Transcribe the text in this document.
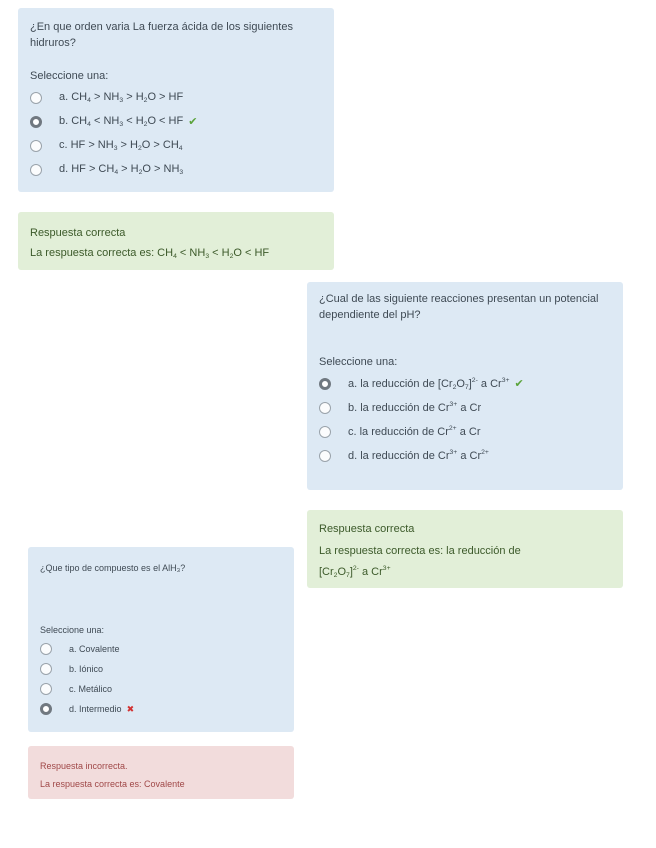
¿En que orden varia La fuerza ácida de los siguientes hidruros?
Seleccione una:
a. $CH_4 > NH_3 > H_2O$ > HF
b. $CH_4 < NH_3 < H_2O$ < HF ✔
c. HF > $NH_3 > H_2O > CH_4$
d. HF > $CH_4 > H_2O > NH_3$
Respuesta correcta
La respuesta correcta es: $CH_4 < NH_3 < H_2O$ < HF
¿Cual de las siguiente reacciones presentan un potencial dependiente del pH?
Seleccione una:
a. la reducción de $[Cr_2O_7]^{2-}$ a $Cr^{3+}$ ✔
b. la reducción de $Cr^{3+}$ a Cr
c. la reducción de $Cr^{2+}$ a Cr
d. la reducción de $Cr^{3+}$ a $Cr^{2+}$
Respuesta correcta
La respuesta correcta es: la reducción de
$[Cr_2O_7]^{2-}$ a $Cr^{3+}$
¿Que tipo de compuesto es el AlH₃?
Seleccione una:
a. Covalente
b. Iónico
c. Metálico
d. Intermedio ✖
Respuesta incorrecta.
La respuesta correcta es: Covalente
